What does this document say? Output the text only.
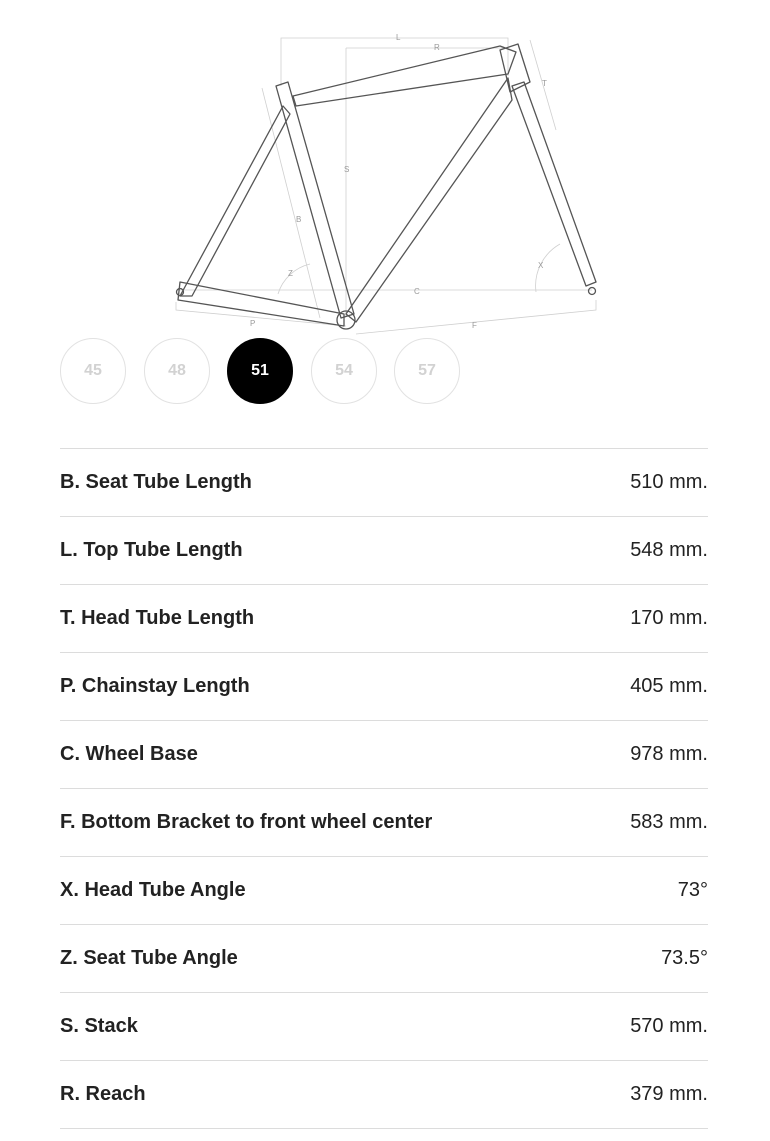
L
R
T
S
B
Z
X
C
P	F
45	48	51	54	57
B. Seat Tube Length	510 mm.
L. Top Tube Length	548 mm.
T. Head Tube Length	170 mm.
P. Chainstay Length	405 mm.
C. Wheel Base	978 mm.
F. Bottom Bracket to front wheel center	583 mm.
X. Head Tube Angle	73°
Z. Seat Tube Angle	73.5°
S. Stack	570 mm.
R. Reach	379 mm.
